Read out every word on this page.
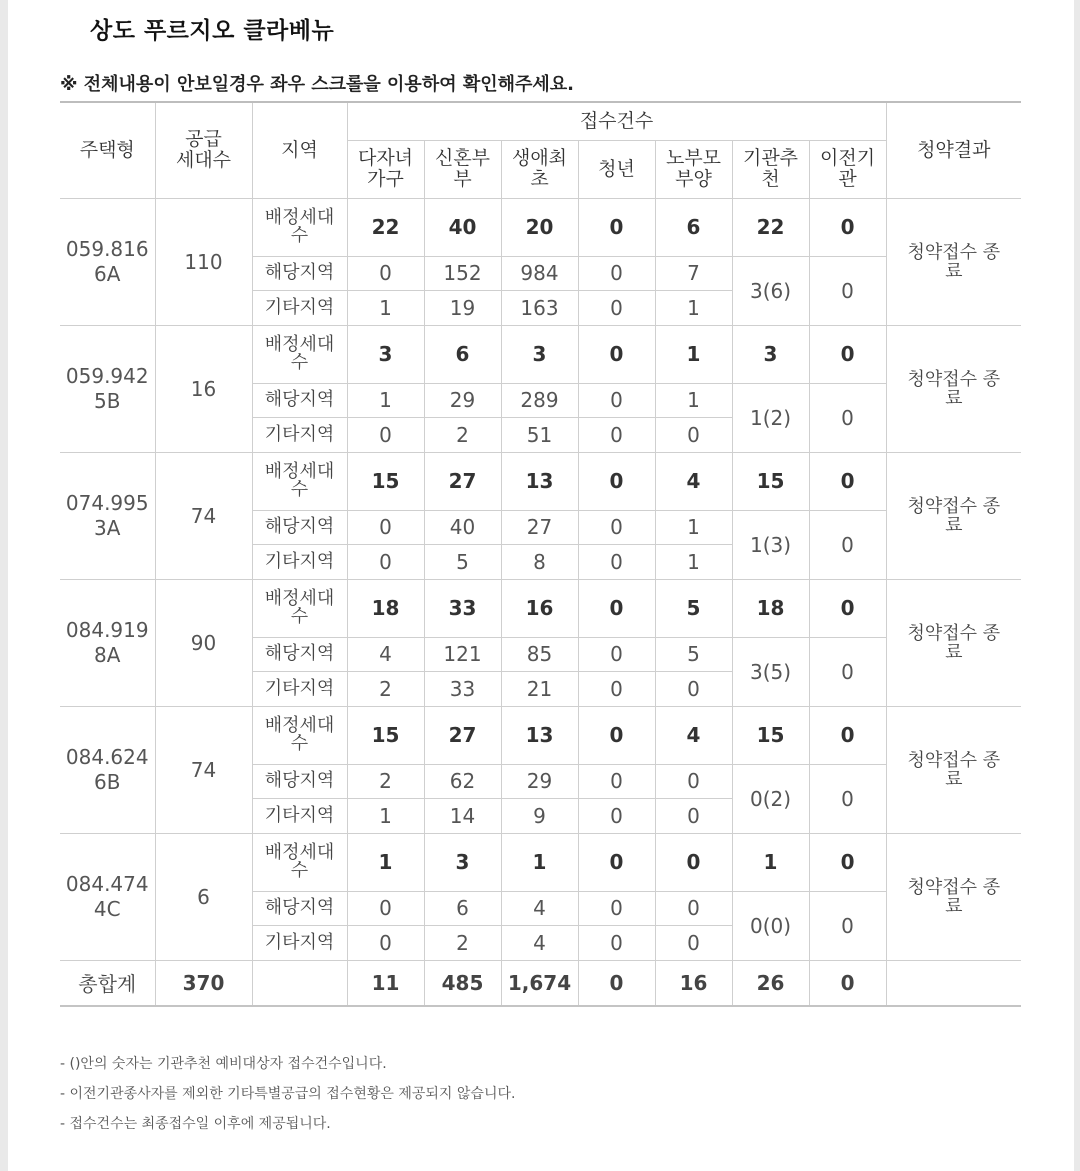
상도 푸르지오 클라베뉴
※ 전체내용이 안보일경우 좌우 스크롤을 이용하여 확인해주세요.
주택형	공급 세대수	지역	접수건수							청약결과

			다자녀가구	신혼부부	생애최초	청년	노부모부양	기관추천	이전기관	

059.816
6A	110	배정세대수	22	40	20	0	6	22	0	청약접수 종료

		해당지역	0	152	984	0	7	3(6)	0	
		기타지역	1	19	163	0	1			

059.942
5B	16	배정세대수	3	6	3	0	1	3	0	청약접수 종료

		해당지역	1	29	289	0	1	1(2)	0	
		기타지역	0	2	51	0	0			

074.995
3A	74	배정세대수	15	27	13	0	4	15	0	청약접수 종료

		해당지역	0	40	27	0	1	1(3)	0	
		기타지역	0	5	8	0	1			

084.919
8A	90	배정세대수	18	33	16	0	5	18	0	청약접수 종료

		해당지역	4	121	85	0	5	3(5)	0	
		기타지역	2	33	21	0	0			

084.624
6B	74	배정세대수	15	27	13	0	4	15	0	청약접수 종료

		해당지역	2	62	29	0	0	0(2)	0	
		기타지역	1	14	9	0	0			

084.474
4C	6	배정세대수	1	3	1	0	0	1	0	청약접수 종료

		해당지역	0	6	4	0	0	0(0)	0	
		기타지역	0	2	4	0	0			
총합계	370		11	485	1,674	0	16	26	0	
- ()안의 숫자는 기관추천 예비대상자 접수건수입니다.
- 이전기관종사자를 제외한 기타특별공급의 접수현황은 제공되지 않습니다.
- 접수건수는 최종접수일 이후에 제공됩니다.
